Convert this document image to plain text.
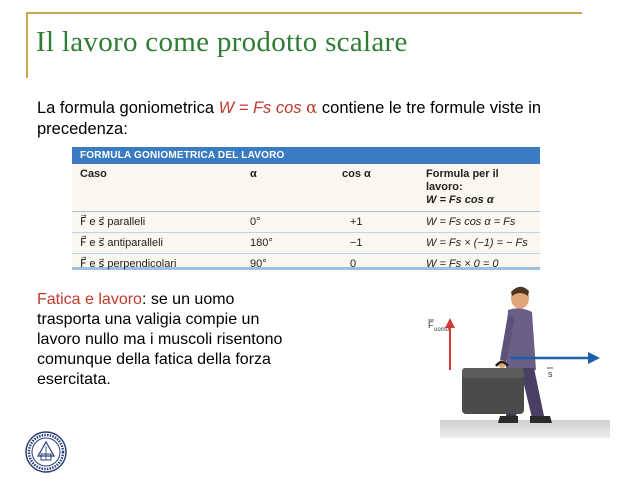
Il lavoro come prodotto scalare
La formula goniometrica W = Fs cos α contiene le tre formule viste in precedenza:
FORMULA GONIOMETRICA DEL LAVORO
Caso	α	cos α	Formula per il lavoro:
W = Fs cos α
F⃗ e s⃗ paralleli	0°	+1	W = Fs cos α = Fs
F⃗ e s⃗ antiparalleli	180°	−1	W = Fs × (−1) = − Fs
F⃗ e s⃗ perpendicolari	90°	0	W = Fs × 0 = 0
Fatica e lavoro: se un uomo trasporta una valigia compie un lavoro nullo ma i muscoli risentono comunque della fatica della forza esercitata.
F uomo
s
